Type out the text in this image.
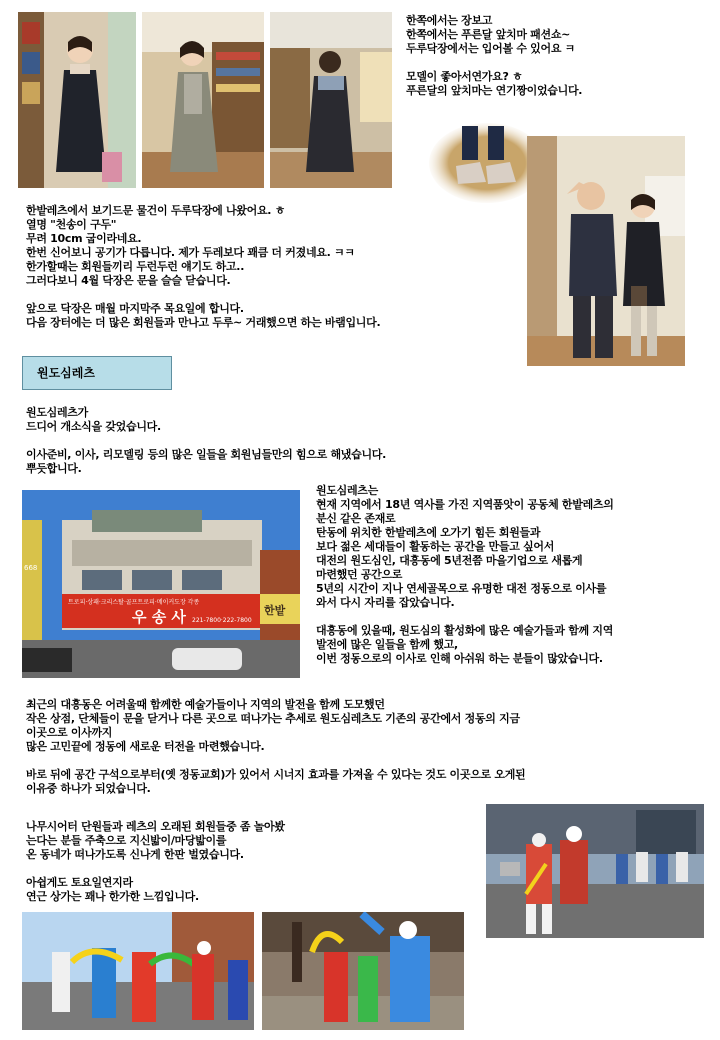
한쪽에서는 장보고
한쪽에서는 푸른달 앞치마 패션쇼~
두루닥장에서는 입어볼 수 있어요 ㅋ
모델이 좋아서연가요? ㅎ
푸른달의 앞치마는 연기짱이었습니다.
한밭레츠에서 보기드문 물건이 두루닥장에 나왔어요. ㅎ
열명 "천송이 구두"
무려 10cm 굽이라네요.
한번 신어보니 공기가 다릅니다. 제가 두레보다 꽤큼 더 커졌네요. ㅋㅋ
한가할때는 회원들끼리 두런두런 얘기도 하고..
그러다보니 4월 닥장은 문을 슬슬 닫습니다.
앞으로 닥장은 매월 마지막주 목요일에 합니다.
다음 장터에는 더 많은 회원들과 만나고 두루~ 거래했으면 하는 바램입니다.
원도심레츠
원도심레츠가
드디어 개소식을 갖었습니다.
이사준비, 이사, 리모델링 등의 많은 일들을 회원님들만의 힘으로 해냈습니다.
뿌듯합니다.
트로피·상패·크리스탈·골프트로피·메이커도장 각종
우 송 사 221-7800·222-7800
한밭
668
원도심레츠는
현재 지역에서 18년 역사를 가진 지역품앗이 공동체 한밭레츠의
분신 같은 존재로
탄동에 위치한 한밭레츠에 오가기 힘든 회원들과
보다 젊은 세대들이 활동하는 공간을 만들고 싶어서
대전의 원도심인, 대흥동에 5년전쯤 마을기업으로 새롭게
마련했던 공간으로
5년의 시간이 지나 연세골목으로 유명한 대전 정동으로 이사를
와서 다시 자리를 잡았습니다.
대흥동에 있을때, 원도심의 활성화에 많은 예술가들과 함께 지역
발전에 많은 일들을 함께 했고,
이번 정동으로의 이사로 인해 아쉬워 하는 분들이 많았습니다.
최근의 대흥동은 어려울때 함께한 예술가들이나 지역의 발전을 함께 도모했던
작은 상점, 단체들이 문을 닫거나 다른 곳으로 떠나가는 추세로 원도심레츠도 기존의 공간에서 정동의 지금
이곳으로 이사까지
많은 고민끝에 정동에 새로운 터전을 마련했습니다.
바로 뒤에 공간 구석으로부터(옛 정동교회)가 있어서 시너지 효과를 가져올 수 있다는 것도 이곳으로 오게된
이유중 하나가 되었습니다.
나무시어터 단원들과 레츠의 오래된 회원들중 좀 놀아봤
는다는 분들 주축으로 지신밟이/마당밟이를
온 동네가 떠나가도록 신나게 한판 벌였습니다.
아쉽게도 토요일연지라
연근 상가는 꽤나 한가한 느낌입니다.
